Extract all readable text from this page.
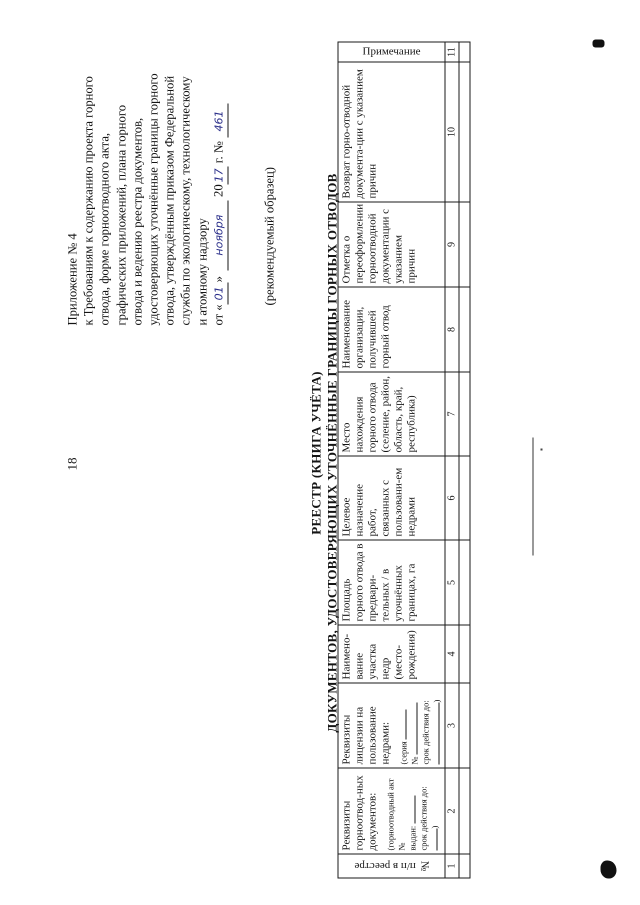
18
Приложение № 4 к Требованиям к содержанию проекта горного отвода, форме горноотводного акта, графических приложений, плана горного отвода и ведению реестра документов, удостоверяющих уточнённые границы горного отвода, утверждённым приказом Федеральной службы по экологическому, технологическому и атомному надзору от «01»ноября 2017 г. № 461
(рекомендуемый образец)
РЕЕСТР (КНИГА УЧЁТА) ДОКУМЕНТОВ, УДОСТОВЕРЯЮЩИХ УТОЧНЁННЫЕ ГРАНИЦЫ ГОРНЫХ ОТВОДОВ
№ п/п в реестре	Реквизиты горноотвод-ных документов: (горноотводный акт №
выдан:
срок действия до: )	Реквизиты лицензии на пользование недрами: (серия
№
срок действия до:
)	Наимено-вание участка недр (место-рождения)	Площадь горного отвода в предвари-тельных / в уточнённых границах, га	Целевое назначение работ, связанных с пользовани-ем недрами	Место нахождения горного отвода (селение, район, область, край, республика)	Наименование организации, получившей горный отвод	Отметка о переоформлении горноотводной документации с указанием причин	Возврат горно-отводной документа-ции с указанием причин	Примечание
1	2	3	4	5	6	7	8	9	10	11
